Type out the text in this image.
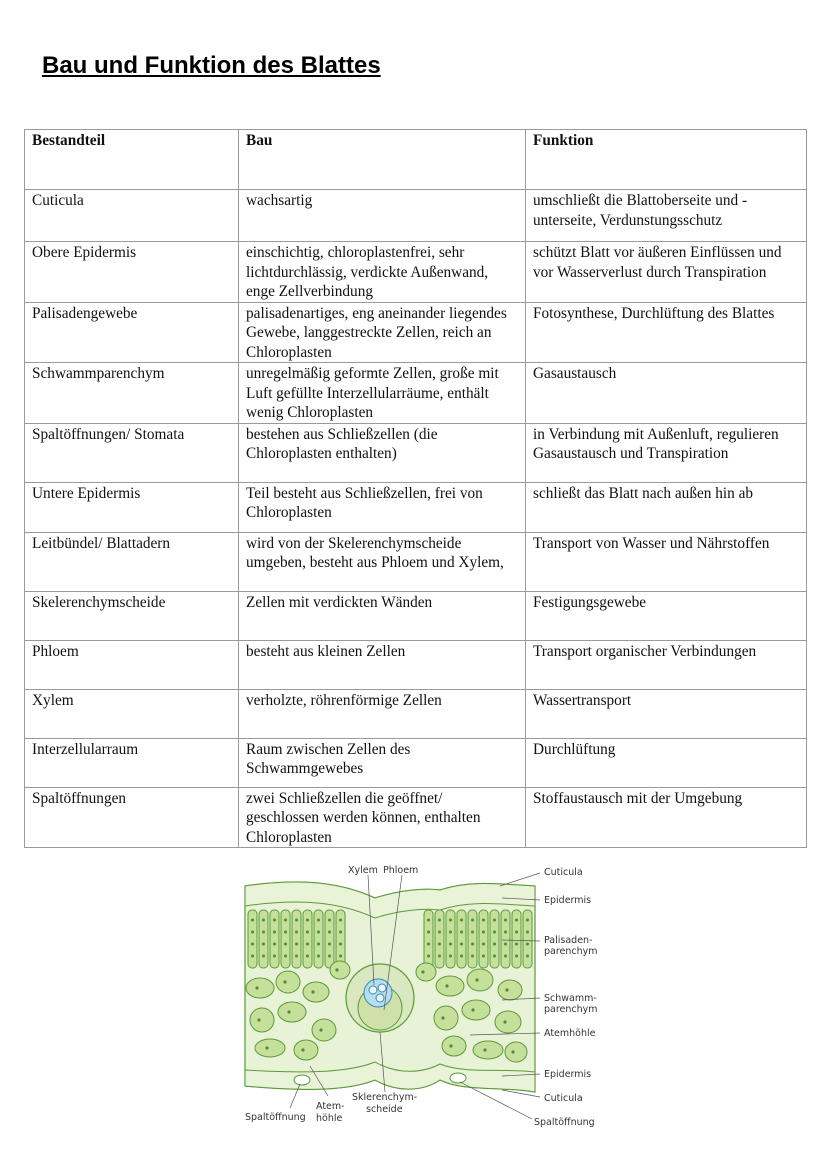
Bau und Funktion des Blattes
Bestandteil	Bau	Funktion
Cuticula	wachsartig	umschließt die Blattoberseite und - unterseite, Verdunstungsschutz
Obere Epidermis	einschichtig, chloroplastenfrei, sehr lichtdurchlässig, verdickte Außenwand, enge Zellverbindung	schützt Blatt vor äußeren Einflüssen und vor Wasserverlust durch Transpiration
Palisadengewebe	palisadenartiges, eng aneinander liegendes Gewebe, langgestreckte Zellen, reich an Chloroplasten	Fotosynthese, Durchlüftung des Blattes
Schwammparenchym	unregelmäßig geformte Zellen, große mit Luft gefüllte Interzellularräume, enthält wenig Chloroplasten	Gasaustausch
Spaltöffnungen/ Stomata	bestehen aus Schließzellen (die Chloroplasten enthalten)	in Verbindung mit Außenluft, regulieren Gasaustausch und Transpiration
Untere Epidermis	Teil besteht aus Schließzellen, frei von Chloroplasten	schließt das Blatt nach außen hin ab
Leitbündel/ Blattadern	wird von der Skelerenchymscheide umgeben, besteht aus Phloem und Xylem,	Transport von Wasser und Nährstoffen
Skelerenchymscheide	Zellen mit verdickten Wänden	Festigungsgewebe
Phloem	besteht aus kleinen Zellen	Transport organischer Verbindungen
Xylem	verholzte, röhrenförmige Zellen	Wassertransport
Interzellularraum	Raum zwischen Zellen des Schwammgewebes	Durchlüftung
Spaltöffnungen	zwei Schließzellen die geöffnet/ geschlossen werden können, enthalten Chloroplasten	Stoffaustausch mit der Umgebung
Xylem Phloem	Cuticula
Epidermis
Palisaden-
parenchym
Schwamm-
parenchym
Atemhöhle
Epidermis
Cuticula
Spaltöffnung
Spaltöffnung
Atem-
höhle
Sklerenchym-
scheide
